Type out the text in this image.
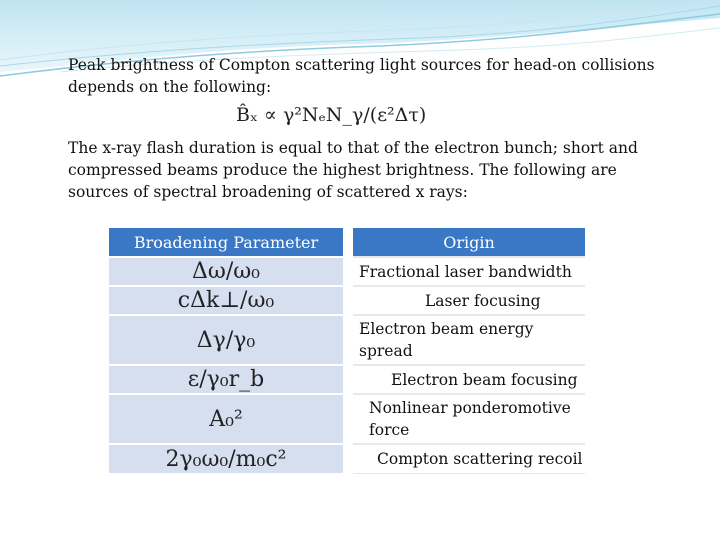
Peak brightness of Compton scattering light sources for head-on collisions depends on the following:

B̂ₓ ∝ γ²NₑN_γ/(ε²Δτ)

The x-ray flash duration is equal to that of the electron bunch; short and compressed beams produce the highest brightness. The following are sources of spectral broadening of scattered x rays:

Broadening Parameter	Origin
Δω/ω₀	Fractional laser bandwidth
cΔk⊥/ω₀	Laser focusing
Δγ/γ₀	Electron beam energy spread
ε/γ₀r_b	Electron beam focusing
A₀²	Nonlinear ponderomotive force
2γ₀ω₀/m₀c²	Compton scattering recoil
